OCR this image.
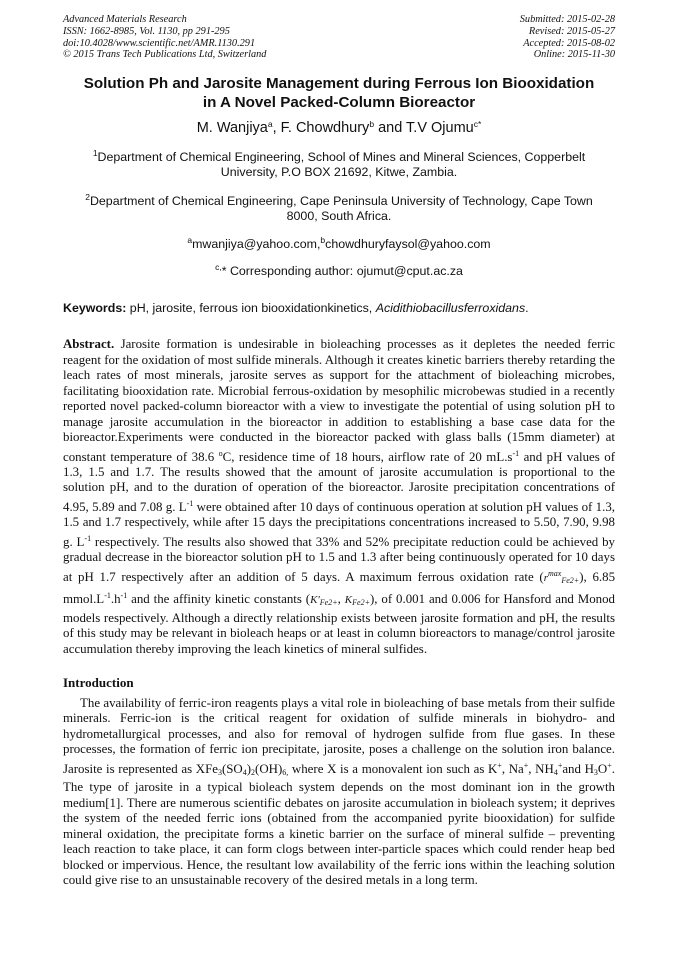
Advanced Materials Research
ISSN: 1662-8985, Vol. 1130, pp 291-295
doi:10.4028/www.scientific.net/AMR.1130.291
© 2015 Trans Tech Publications Ltd, Switzerland
Submitted: 2015-02-28
Revised: 2015-05-27
Accepted: 2015-08-02
Online: 2015-11-30
Solution Ph and Jarosite Management during Ferrous Ion Biooxidation
in A Novel Packed-Column Bioreactor
M. Wanjiya$^a$, F. Chowdhury$^b$ and T.V Ojumu$^{c*}$
$^1$Department of Chemical Engineering, School of Mines and Mineral Sciences, Copperbelt
University, P.O BOX 21692, Kitwe, Zambia.
$^2$Department of Chemical Engineering, Cape Peninsula University of Technology, Cape Town
8000, South Africa.
$^a$mwanjiya@yahoo.com,$^b$chowdhuryfaysol@yahoo.com
$^{c,}$* Corresponding author: ojumut@cput.ac.za
Keywords: pH, jarosite, ferrous ion biooxidationkinetics, Acidithiobacillusferroxidans.
Abstract. Jarosite formation is undesirable in bioleaching processes as it depletes the needed ferric reagent for the oxidation of most sulfide minerals. Although it creates kinetic barriers thereby retarding the leach rates of most minerals, jarosite serves as support for the attachment of bioleaching microbes, facilitating biooxidation rate. Microbial ferrous-oxidation by mesophilic microbewas studied in a recently reported novel packed-column bioreactor with a view to investigate the potential of using solution pH to manage jarosite accumulation in the bioreactor in addition to establishing a base case data for the bioreactor.Experiments were conducted in the bioreactor packed with glass balls (15mm diameter) at constant temperature of 38.6 $^o$C, residence time of 18 hours, airflow rate of 20 $mL.s^{-1}$ and pH values of 1.3, 1.5 and 1.7. The results showed that the amount of jarosite accumulation is proportional to the solution pH, and to the duration of operation of the bioreactor. Jarosite precipitation concentrations of 4.95, 5.89 and 7.08 g. $L^{-1}$ were obtained after 10 days of continuous operation at solution pH values of 1.3, 1.5 and 1.7 respectively, while after 15 days the precipitations concentrations increased to 5.50, 7.90, 9.98 g. $L^{-1}$ respectively. The results also showed that 33% and 52% precipitate reduction could be achieved by gradual decrease in the bioreactor solution pH to 1.5 and 1.3 after being continuously operated for 10 days at pH 1.7 respectively after an addition of 5 days. A maximum ferrous oxidation rate $(r^{max}_{Fe2+})$, 6.85 $mmol.L^{-1}.h^{-1}$ and the affinity kinetic constants ($K'_{Fe2+}$, $K_{Fe2+}$), of 0.001 and 0.006 for Hansford and Monod models respectively. Although a directly relationship exists between jarosite formation and pH, the results of this study may be relevant in bioleach heaps or at least in column bioreactors to manage/control jarosite accumulation thereby improving the leach kinetics of mineral sulfides.
Introduction
The availability of ferric-iron reagents plays a vital role in bioleaching of base metals from their sulfide minerals. Ferric-ion is the critical reagent for oxidation of sulfide minerals in biohydro- and hydrometallurgical processes, and also for removal of hydrogen sulfide from flue gases. In these processes, the formation of ferric ion precipitate, jarosite, poses a challenge on the solution iron balance. Jarosite is represented as $XFe_3(SO_4)_2(OH)_{6,}$ where X is a monovalent ion such as K+, Na+, $NH_4^+and$ $H_3O^+$. The type of jarosite in a typical bioleach system depends on the most dominant ion in the growth medium[1]. There are numerous scientific debates on jarosite accumulation in bioleach system; it deprives the system of the needed ferric ions (obtained from the accompanied pyrite biooxidation) for sulfide mineral oxidation, the precipitate forms a kinetic barrier on the surface of mineral sulfide – preventing leach reaction to take place, it can form clogs between inter-particle spaces which could render heap bed blocked or impervious. Hence, the resultant low availability of the ferric ions within the leaching solution could give rise to an unsustainable recovery of the desired metals in a long term.
